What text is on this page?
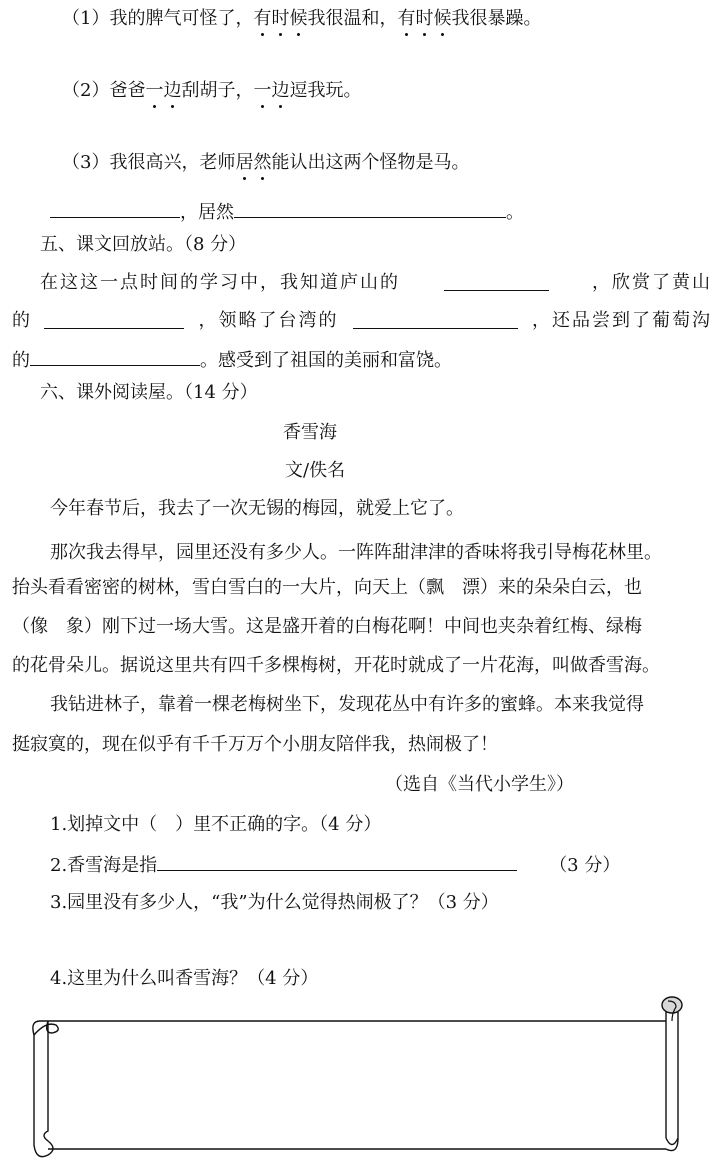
（1）我的脾气可怪了，有时候我很温和，有时候我很暴躁。
（2）爸爸一边刮胡子，一边逗我玩。
（3）我很高兴，老师居然能认出这两个怪物是马。
，居然	。
五、课文回放站。（8 分）
在这这一点时间的学习中，我知道庐山的	，欣赏了黄山
的	，领略了台湾的	，还品尝到了葡萄沟
的	。感受到了祖国的美丽和富饶。
六、课外阅读屋。（14 分）
香雪海
文/佚名
今年春节后，我去了一次无锡的梅园，就爱上它了。
那次我去得早，园里还没有多少人。一阵阵甜津津的香味将我引导梅花林里。
抬头看看密密的树林，雪白雪白的一大片，向天上（飘　漂）来的朵朵白云，也
（像　象）刚下过一场大雪。这是盛开着的白梅花啊！中间也夹杂着红梅、绿梅
的花骨朵儿。据说这里共有四千多棵梅树，开花时就成了一片花海，叫做香雪海。
我钻进林子，靠着一棵老梅树坐下，发现花丛中有许多的蜜蜂。本来我觉得
挺寂寞的，现在似乎有千千万万个小朋友陪伴我，热闹极了！
（选自《当代小学生》）
1.划掉文中（　）里不正确的字。（4 分）
2.香雪海是指	（3 分）
3.园里没有多少人，“我”为什么觉得热闹极了？（3 分）
4.这里为什么叫香雪海？（4 分）
